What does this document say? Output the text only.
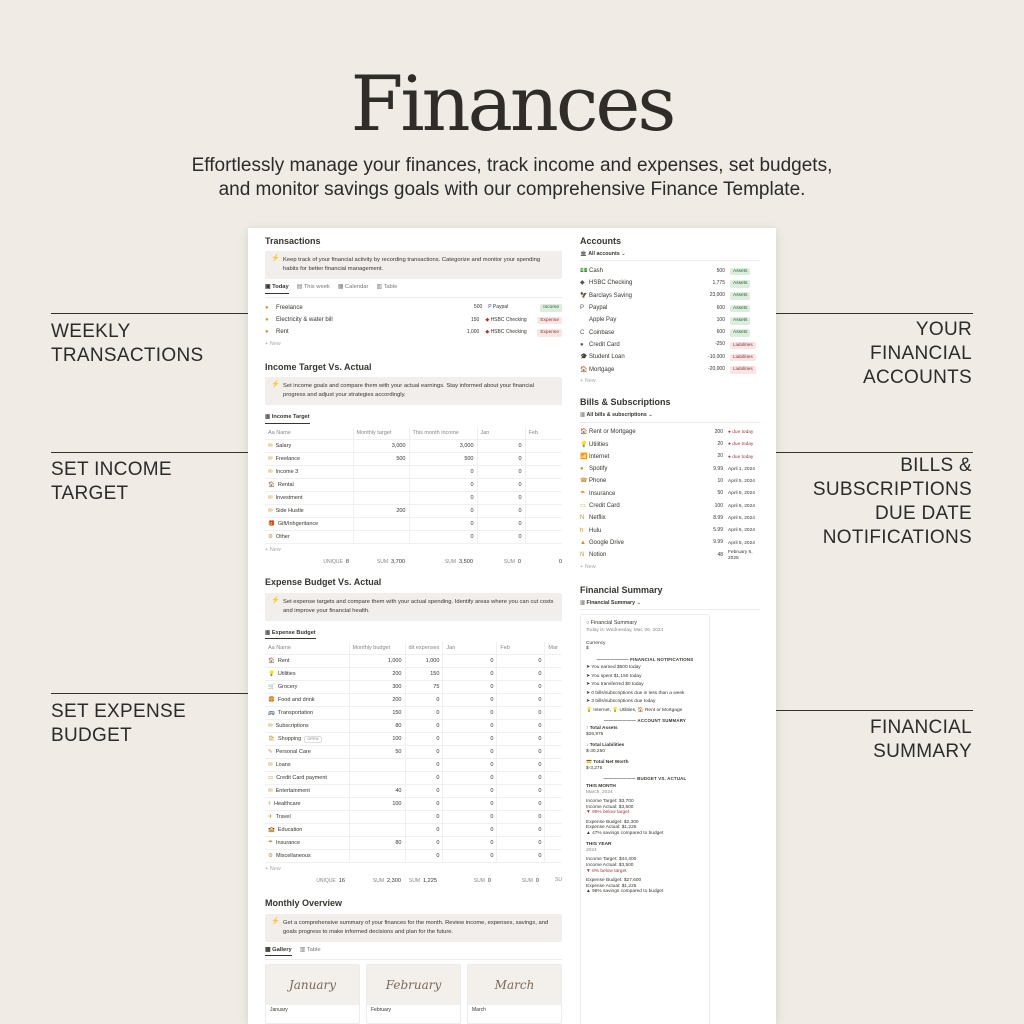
Finances
Effortlessly manage your finances, track income and expenses, set budgets,
and monitor savings goals with our comprehensive Finance Template.
WEEKLY
TRANSACTIONS
SET INCOME
TARGET
SET EXPENSE
BUDGET
YOUR
FINANCIAL
ACCOUNTS
BILLS &
SUBSCRIPTIONS
DUE DATE
NOTIFICATIONS
FINANCIAL
SUMMARY
Transactions
⚡ Keep track of your financial activity by recording transactions. Categorize and monitor your spending habits for better financial management.
▣ Today ▤ This week ▦ Calendar ▥ Table
●	Freelance	500 P Paypal	Income
●	Electricity & water bill	150 ◆ HSBC Checking	Expense
●	Rent	1,000 ◆ HSBC Checking	Expense
+ New
Income Target Vs. Actual
⚡ Set income goals and compare them with your actual earnings. Stay informed about your financial progress and adjust your strategies accordingly.
▥ Income Target
Aa Name	Monthly target	This month income	Jan	Feb
✉ Salary	3,000	3,000	0	
✉ Freelance	500	500	0	
✉ Income 3		0	0	
🏠 Rental		0	0	
✉ Investment		0	0	
✉ Side Hustle	200	0	0	
🎁 Gift/Inhgeritance		0	0	
⚙ Other		0	0	
+ New
UNIQUE 8	SUM 3,700	SUM 3,500	SUM 0	0
Expense Budget Vs. Actual
⚡ Set expense targets and compare them with your actual spending. Identify areas where you can cut costs and improve your financial health.
▥ Expense Budget
Aa Name	Monthly budget	dit expenses	Jan	Feb	Mar
🏠 Rent	1,000	1,000	0	0	
💡 Utilities	200	150	0	0	
🛒 Grocery	300	75	0	0	
🍔 Food and drink	200	0	0	0	
🚌 Transportation	150	0	0	0	
✉ Subscriptions	80	0	0	0	
🛍 Shopping OPEN	100	0	0	0	
✎ Personal Care	50	0	0	0	
✉ Loans		0	0	0	
▭ Credit Card payment		0	0	0	
✉ Entertainment	40	0	0	0	
⚕ Healthcare	100	0	0	0	
✈ Travel		0	0	0	
🏫 Education		0	0	0	
☂ Insurance	80	0	0	0	
⚙ Miscellaneous		0	0	0	
+ New
UNIQUE 16	SUM 2,300	SUM 1,225	SUM 0	SUM 0	SU
Monthly Overview
⚡ Get a comprehensive summary of your finances for the month. Review income, expenses, savings, and goals progress to make informed decisions and plan for the future.
▦ Gallery ▥ Table
January
January
February
February
March
March
Accounts
🏛 All accounts ⌄
💵 Cash	500	Assets
◆ HSBC Checking	1,775	Assets
🦅 Barclays Saving	23,000	Assets
P Paypal	600	Assets
Apple Pay	100	Assets
C Coinbase	600	Assets
● Credit Card	-250	Liabilities
🎓 Student Loan	-10,000	Liabilities
🏠 Mortgage	-20,000	Liabilities
+ New
Bills & Subscriptions
▥ All bills & subscriptions ⌄
🏠 Rent or Mortgage	200 ● due today
💡 Utilities	20 ● due today
📶 Internet	20 ● due today
● Spotify	9.99 April 1, 2024
☎ Phone	10 April 5, 2024
☂ Insurance	50 April 5, 2024
▭ Credit Card	100 April 5, 2024
N Netflix	8.99 April 5, 2024
h Hulu	5.99 April 5, 2024
▲ Google Drive	9.99 April 5, 2024
N Notion	48 February 6, 2025
+ New
Financial Summary
▥ Financial Summary ⌄
○ Financial Summary
Today is: Wednesday, Mar, 06, 2024
Currency
$
——————— FINANCIAL NOTIFICATIONS
➤ You earned $500 today
➤ You spent $1,150 today
➤ You transferred $0 today
➤ 0 bills/subscriptions due in less than a week
➤ 3 bills/subscriptions due today
💡 Internet, 💡 Utilities, 🏠 Rent or Mortgage
——————— ACCOUNT SUMMARY
↑ Total Assets
$26,975
↓ Total Liabilities
$-30,250
💳 Total Net Worth
$-3,275
——————— BUDGET VS. ACTUAL
THIS MONTH
March, 2024
Income Target: $3,700
Income Actual: $3,500
▼ 95% below target
Expense Budget: $2,300
Expense Actual: $1,225
▲ 47% savings compared to budget
THIS YEAR
2024
Income Target: $44,400
Income Actual: $3,500
▼ 8% below target
Expense Budget: $27,600
Expense Actual: $1,225
▲ 96% savings compared to budget
